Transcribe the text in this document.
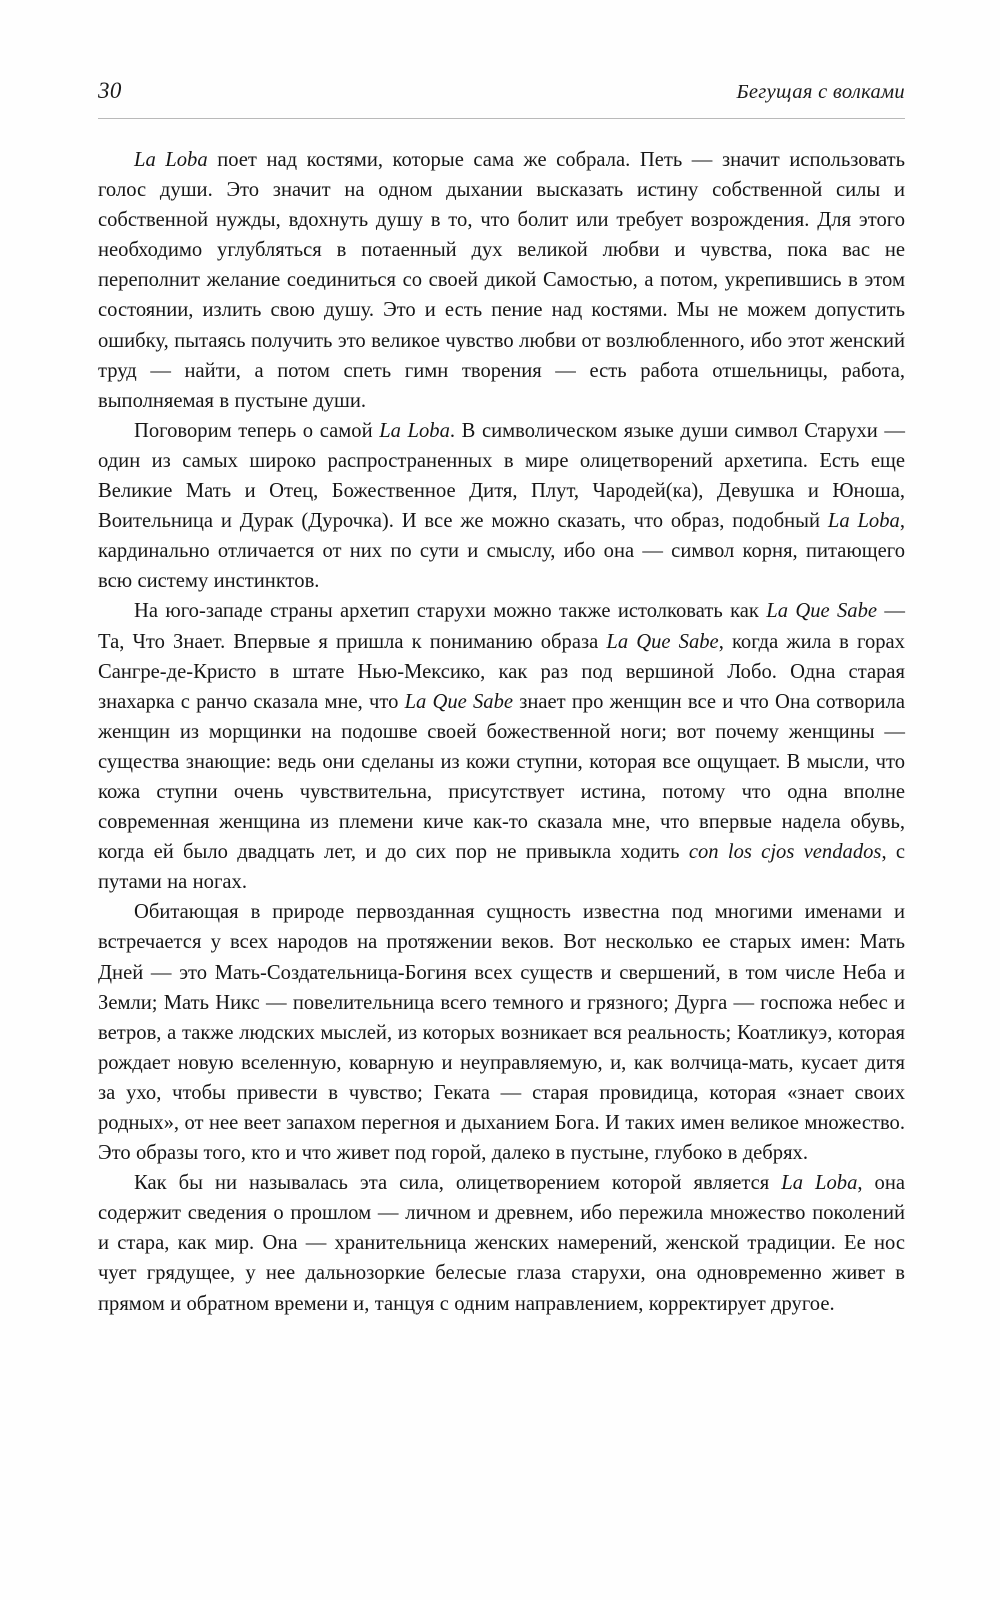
30	Бегущая с волками

La Loba поет над костями, которые сама же собрала. Петь — значит использовать голос души. Это значит на одном дыхании высказать истину собственной силы и собственной нужды, вдохнуть душу в то, что болит или требует возрождения. Для этого необходимо углубляться в потаенный дух великой любви и чувства, пока вас не переполнит желание соединиться со своей дикой Самостью, а потом, укрепившись в этом состоянии, излить свою душу. Это и есть пение над костями. Мы не можем допустить ошибку, пытаясь получить это великое чувство любви от возлюбленного, ибо этот женский труд — найти, а потом спеть гимн творения — есть работа отшельницы, работа, выполняемая в пустыне души.

Поговорим теперь о самой La Loba. В символическом языке души символ Старухи — один из самых широко распространенных в мире олицетворений архетипа. Есть еще Великие Мать и Отец, Божественное Дитя, Плут, Чародей(ка), Девушка и Юноша, Воительница и Дурак (Дурочка). И все же можно сказать, что образ, подобный La Loba, кардинально отличается от них по сути и смыслу, ибо она — символ корня, питающего всю систему инстинктов.

На юго-западе страны архетип старухи можно также истолковать как La Que Sabe — Та, Что Знает. Впервые я пришла к пониманию образа La Que Sabe, когда жила в горах Сангре-де-Кристо в штате Нью-Мексико, как раз под вершиной Лобо. Одна старая знахарка с ранчо сказала мне, что La Que Sabe знает про женщин все и что Она сотворила женщин из морщинки на подошве своей божественной ноги; вот почему женщины — существа знающие: ведь они сделаны из кожи ступни, которая все ощущает. В мысли, что кожа ступни очень чувствительна, присутствует истина, потому что одна вполне современная женщина из племени киче как-то сказала мне, что впервые надела обувь, когда ей было двадцать лет, и до сих пор не привыкла ходить con los cjos vendados, с путами на ногах.

Обитающая в природе первозданная сущность известна под многими именами и встречается у всех народов на протяжении веков. Вот несколько ее старых имен: Мать Дней — это Мать-Создательница-Богиня всех существ и свершений, в том числе Неба и Земли; Мать Никс — повелительница всего темного и грязного; Дурга — госпожа небес и ветров, а также людских мыслей, из которых возникает вся реальность; Коатликуэ, которая рождает новую вселенную, коварную и неуправляемую, и, как волчица-мать, кусает дитя за ухо, чтобы привести в чувство; Геката — старая провидица, которая «знает своих родных», от нее веет запахом перегноя и дыханием Бога. И таких имен великое множество. Это образы того, кто и что живет под горой, далеко в пустыне, глубоко в дебрях.

Как бы ни называлась эта сила, олицетворением которой является La Loba, она содержит сведения о прошлом — личном и древнем, ибо пережила множество поколений и стара, как мир. Она — хранительница женских намерений, женской традиции. Ее нос чует грядущее, у нее дальнозоркие белесые глаза старухи, она одновременно живет в прямом и обратном времени и, танцуя с одним направлением, корректирует другое.
